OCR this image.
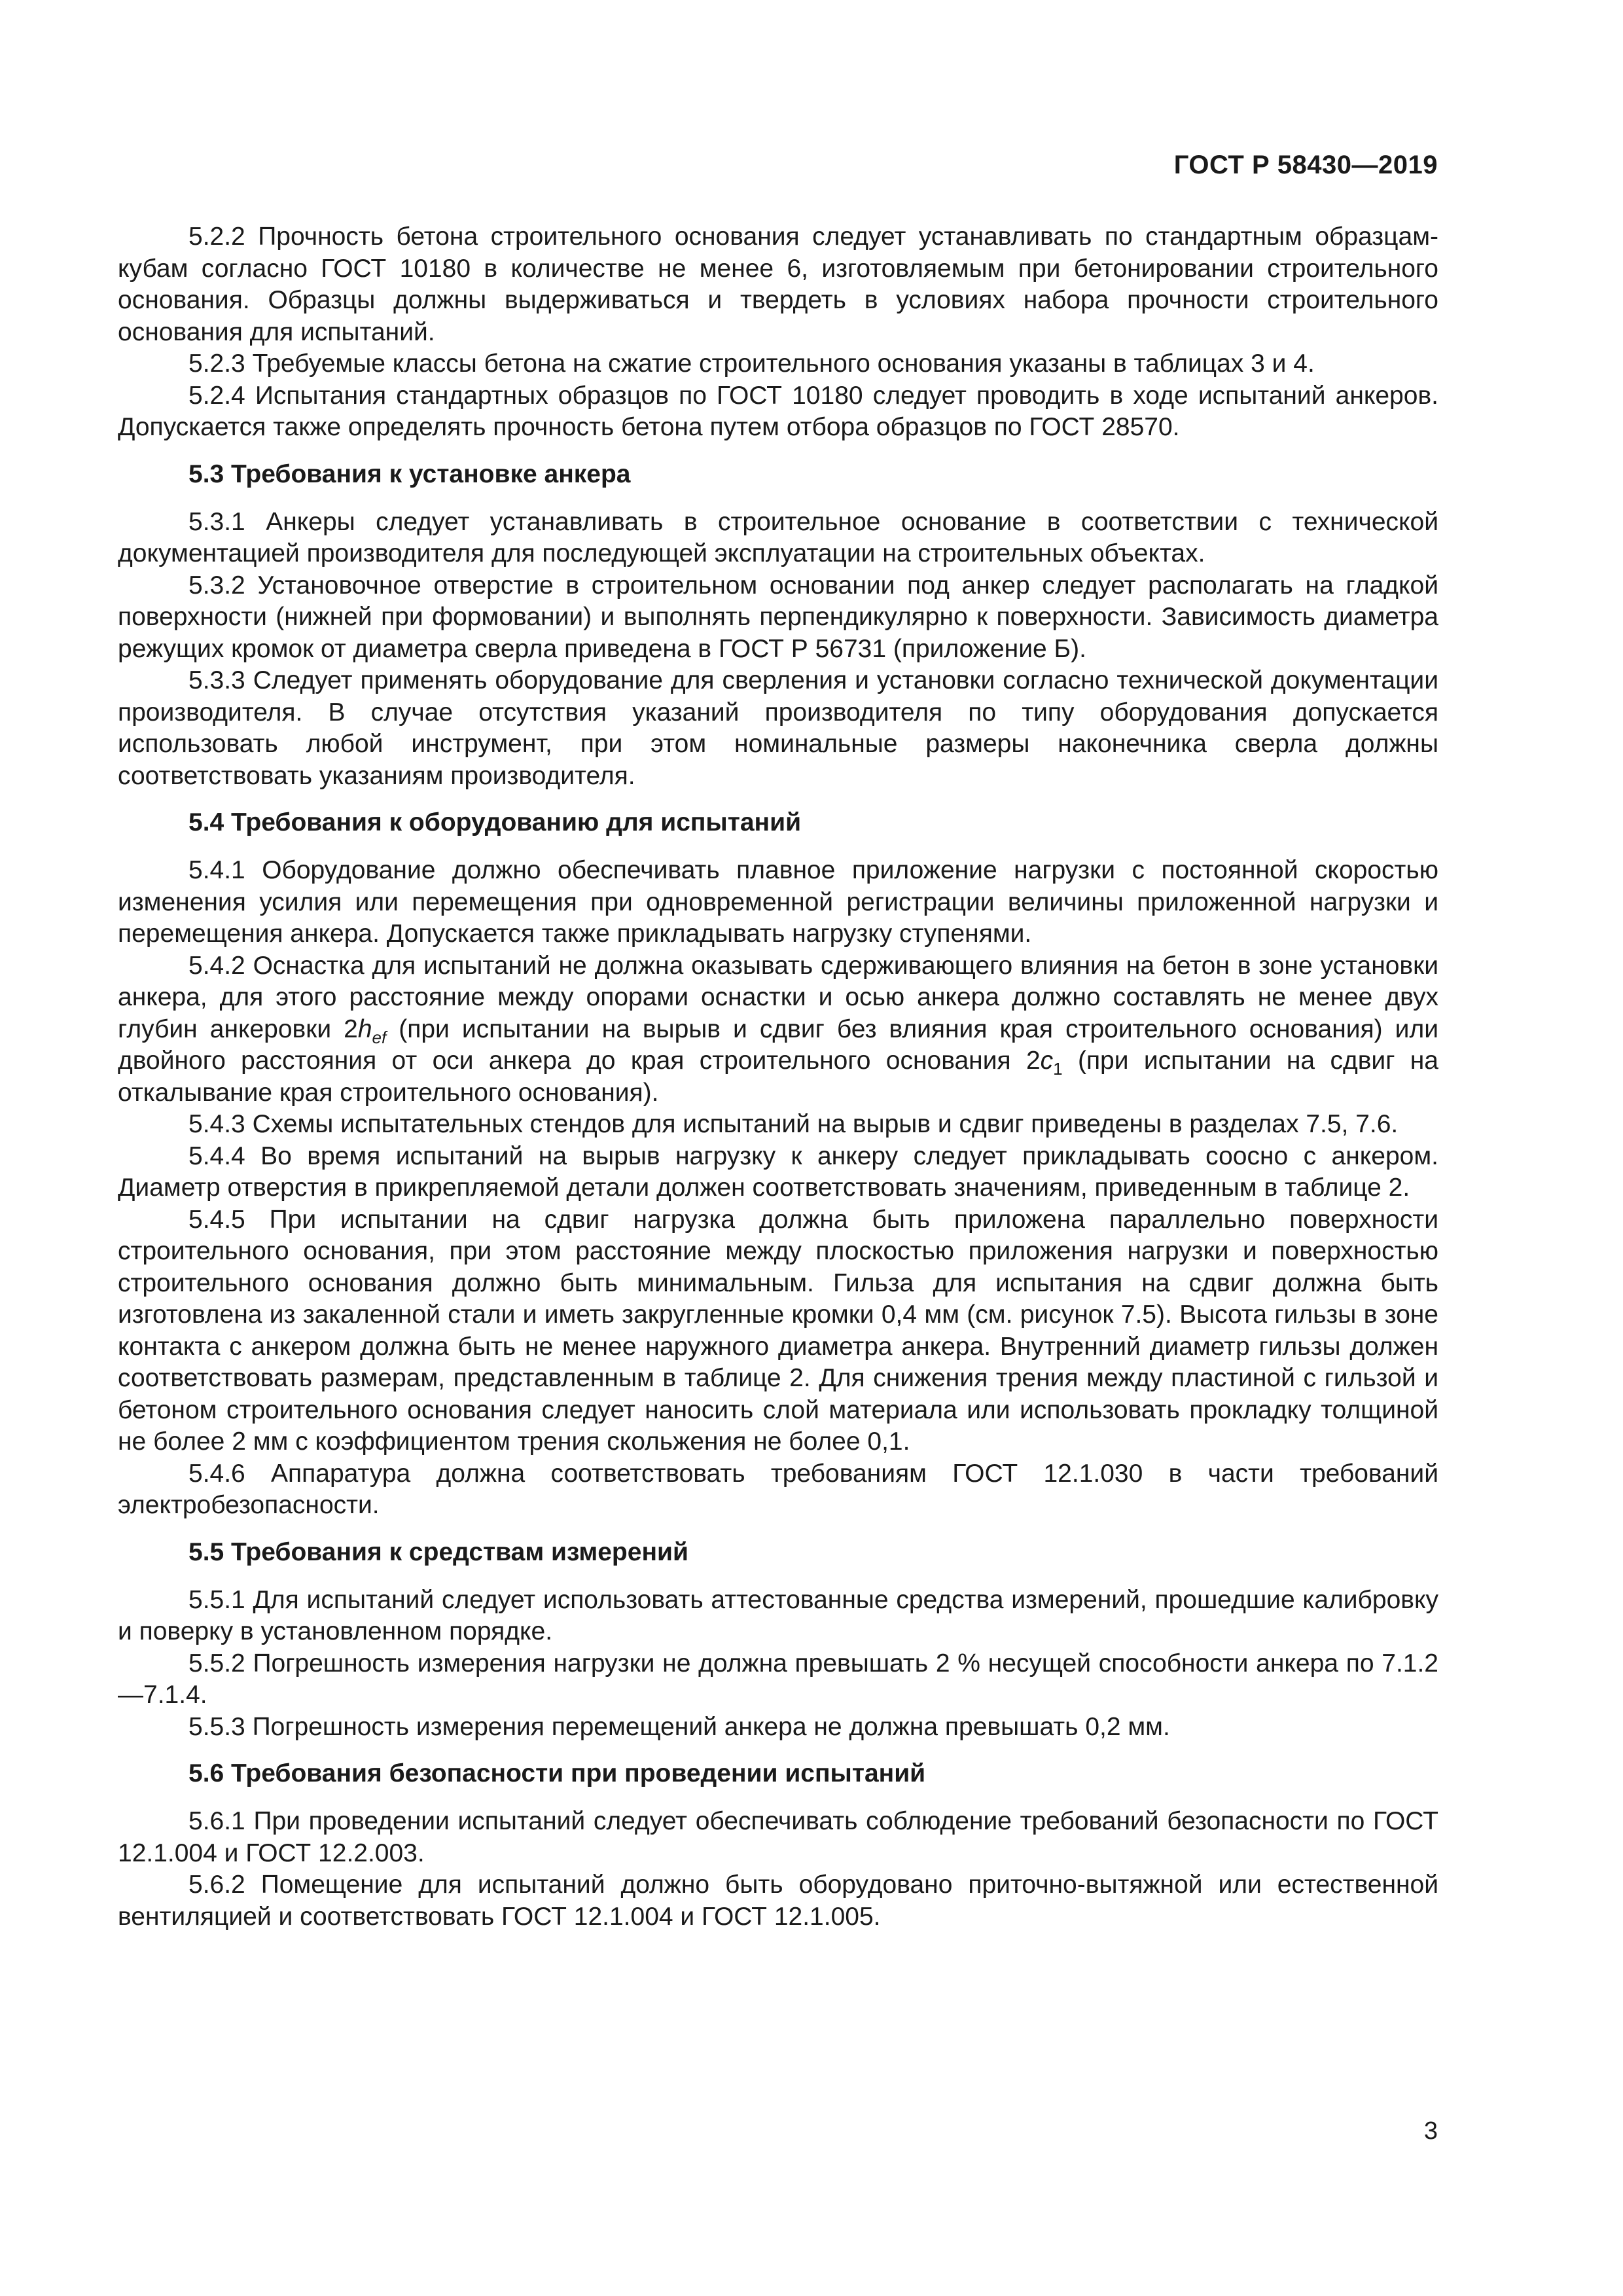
ГОСТ Р 58430—2019

5.2.2 Прочность бетона строительного основания следует устанавливать по стандартным образцам-кубам согласно ГОСТ 10180 в количестве не менее 6, изготовляемым при бетонировании строительного основания. Образцы должны выдерживаться и твердеть в условиях набора прочности строительного основания для испытаний.

5.2.3 Требуемые классы бетона на сжатие строительного основания указаны в таблицах 3 и 4.

5.2.4 Испытания стандартных образцов по ГОСТ 10180 следует проводить в ходе испытаний анкеров. Допускается также определять прочность бетона путем отбора образцов по ГОСТ 28570.

5.3 Требования к установке анкера

5.3.1 Анкеры следует устанавливать в строительное основание в соответствии с технической документацией производителя для последующей эксплуатации на строительных объектах.

5.3.2 Установочное отверстие в строительном основании под анкер следует располагать на гладкой поверхности (нижней при формовании) и выполнять перпендикулярно к поверхности. Зависимость диаметра режущих кромок от диаметра сверла приведена в ГОСТ Р 56731 (приложение Б).

5.3.3 Следует применять оборудование для сверления и установки согласно технической документации производителя. В случае отсутствия указаний производителя по типу оборудования допускается использовать любой инструмент, при этом номинальные размеры наконечника сверла должны соответствовать указаниям производителя.

5.4 Требования к оборудованию для испытаний

5.4.1 Оборудование должно обеспечивать плавное приложение нагрузки с постоянной скоростью изменения усилия или перемещения при одновременной регистрации величины приложенной нагрузки и перемещения анкера. Допускается также прикладывать нагрузку ступенями.

5.4.2 Оснастка для испытаний не должна оказывать сдерживающего влияния на бетон в зоне установки анкера, для этого расстояние между опорами оснастки и осью анкера должно составлять не менее двух глубин анкеровки $2h_{ef}$ (при испытании на вырыв и сдвиг без влияния края строительного основания) или двойного расстояния от оси анкера до края строительного основания $2c_1$ (при испытании на сдвиг на откалывание края строительного основания).

5.4.3 Схемы испытательных стендов для испытаний на вырыв и сдвиг приведены в разделах 7.5, 7.6.

5.4.4 Во время испытаний на вырыв нагрузку к анкеру следует прикладывать соосно с анкером. Диаметр отверстия в прикрепляемой детали должен соответствовать значениям, приведенным в таблице 2.

5.4.5 При испытании на сдвиг нагрузка должна быть приложена параллельно поверхности строительного основания, при этом расстояние между плоскостью приложения нагрузки и поверхностью строительного основания должно быть минимальным. Гильза для испытания на сдвиг должна быть изготовлена из закаленной стали и иметь закругленные кромки 0,4 мм (см. рисунок 7.5). Высота гильзы в зоне контакта с анкером должна быть не менее наружного диаметра анкера. Внутренний диаметр гильзы должен соответствовать размерам, представленным в таблице 2. Для снижения трения между пластиной с гильзой и бетоном строительного основания следует наносить слой материала или использовать прокладку толщиной не более 2 мм с коэффициентом трения скольжения не более 0,1.

5.4.6 Аппаратура должна соответствовать требованиям ГОСТ 12.1.030 в части требований электробезопасности.

5.5 Требования к средствам измерений

5.5.1 Для испытаний следует использовать аттестованные средства измерений, прошедшие калибровку и поверку в установленном порядке.

5.5.2 Погрешность измерения нагрузки не должна превышать 2 % несущей способности анкера по 7.1.2—7.1.4.

5.5.3 Погрешность измерения перемещений анкера не должна превышать 0,2 мм.

5.6 Требования безопасности при проведении испытаний

5.6.1 При проведении испытаний следует обеспечивать соблюдение требований безопасности по ГОСТ 12.1.004 и ГОСТ 12.2.003.

5.6.2 Помещение для испытаний должно быть оборудовано приточно-вытяжной или естественной вентиляцией и соответствовать ГОСТ 12.1.004 и ГОСТ 12.1.005.

3
